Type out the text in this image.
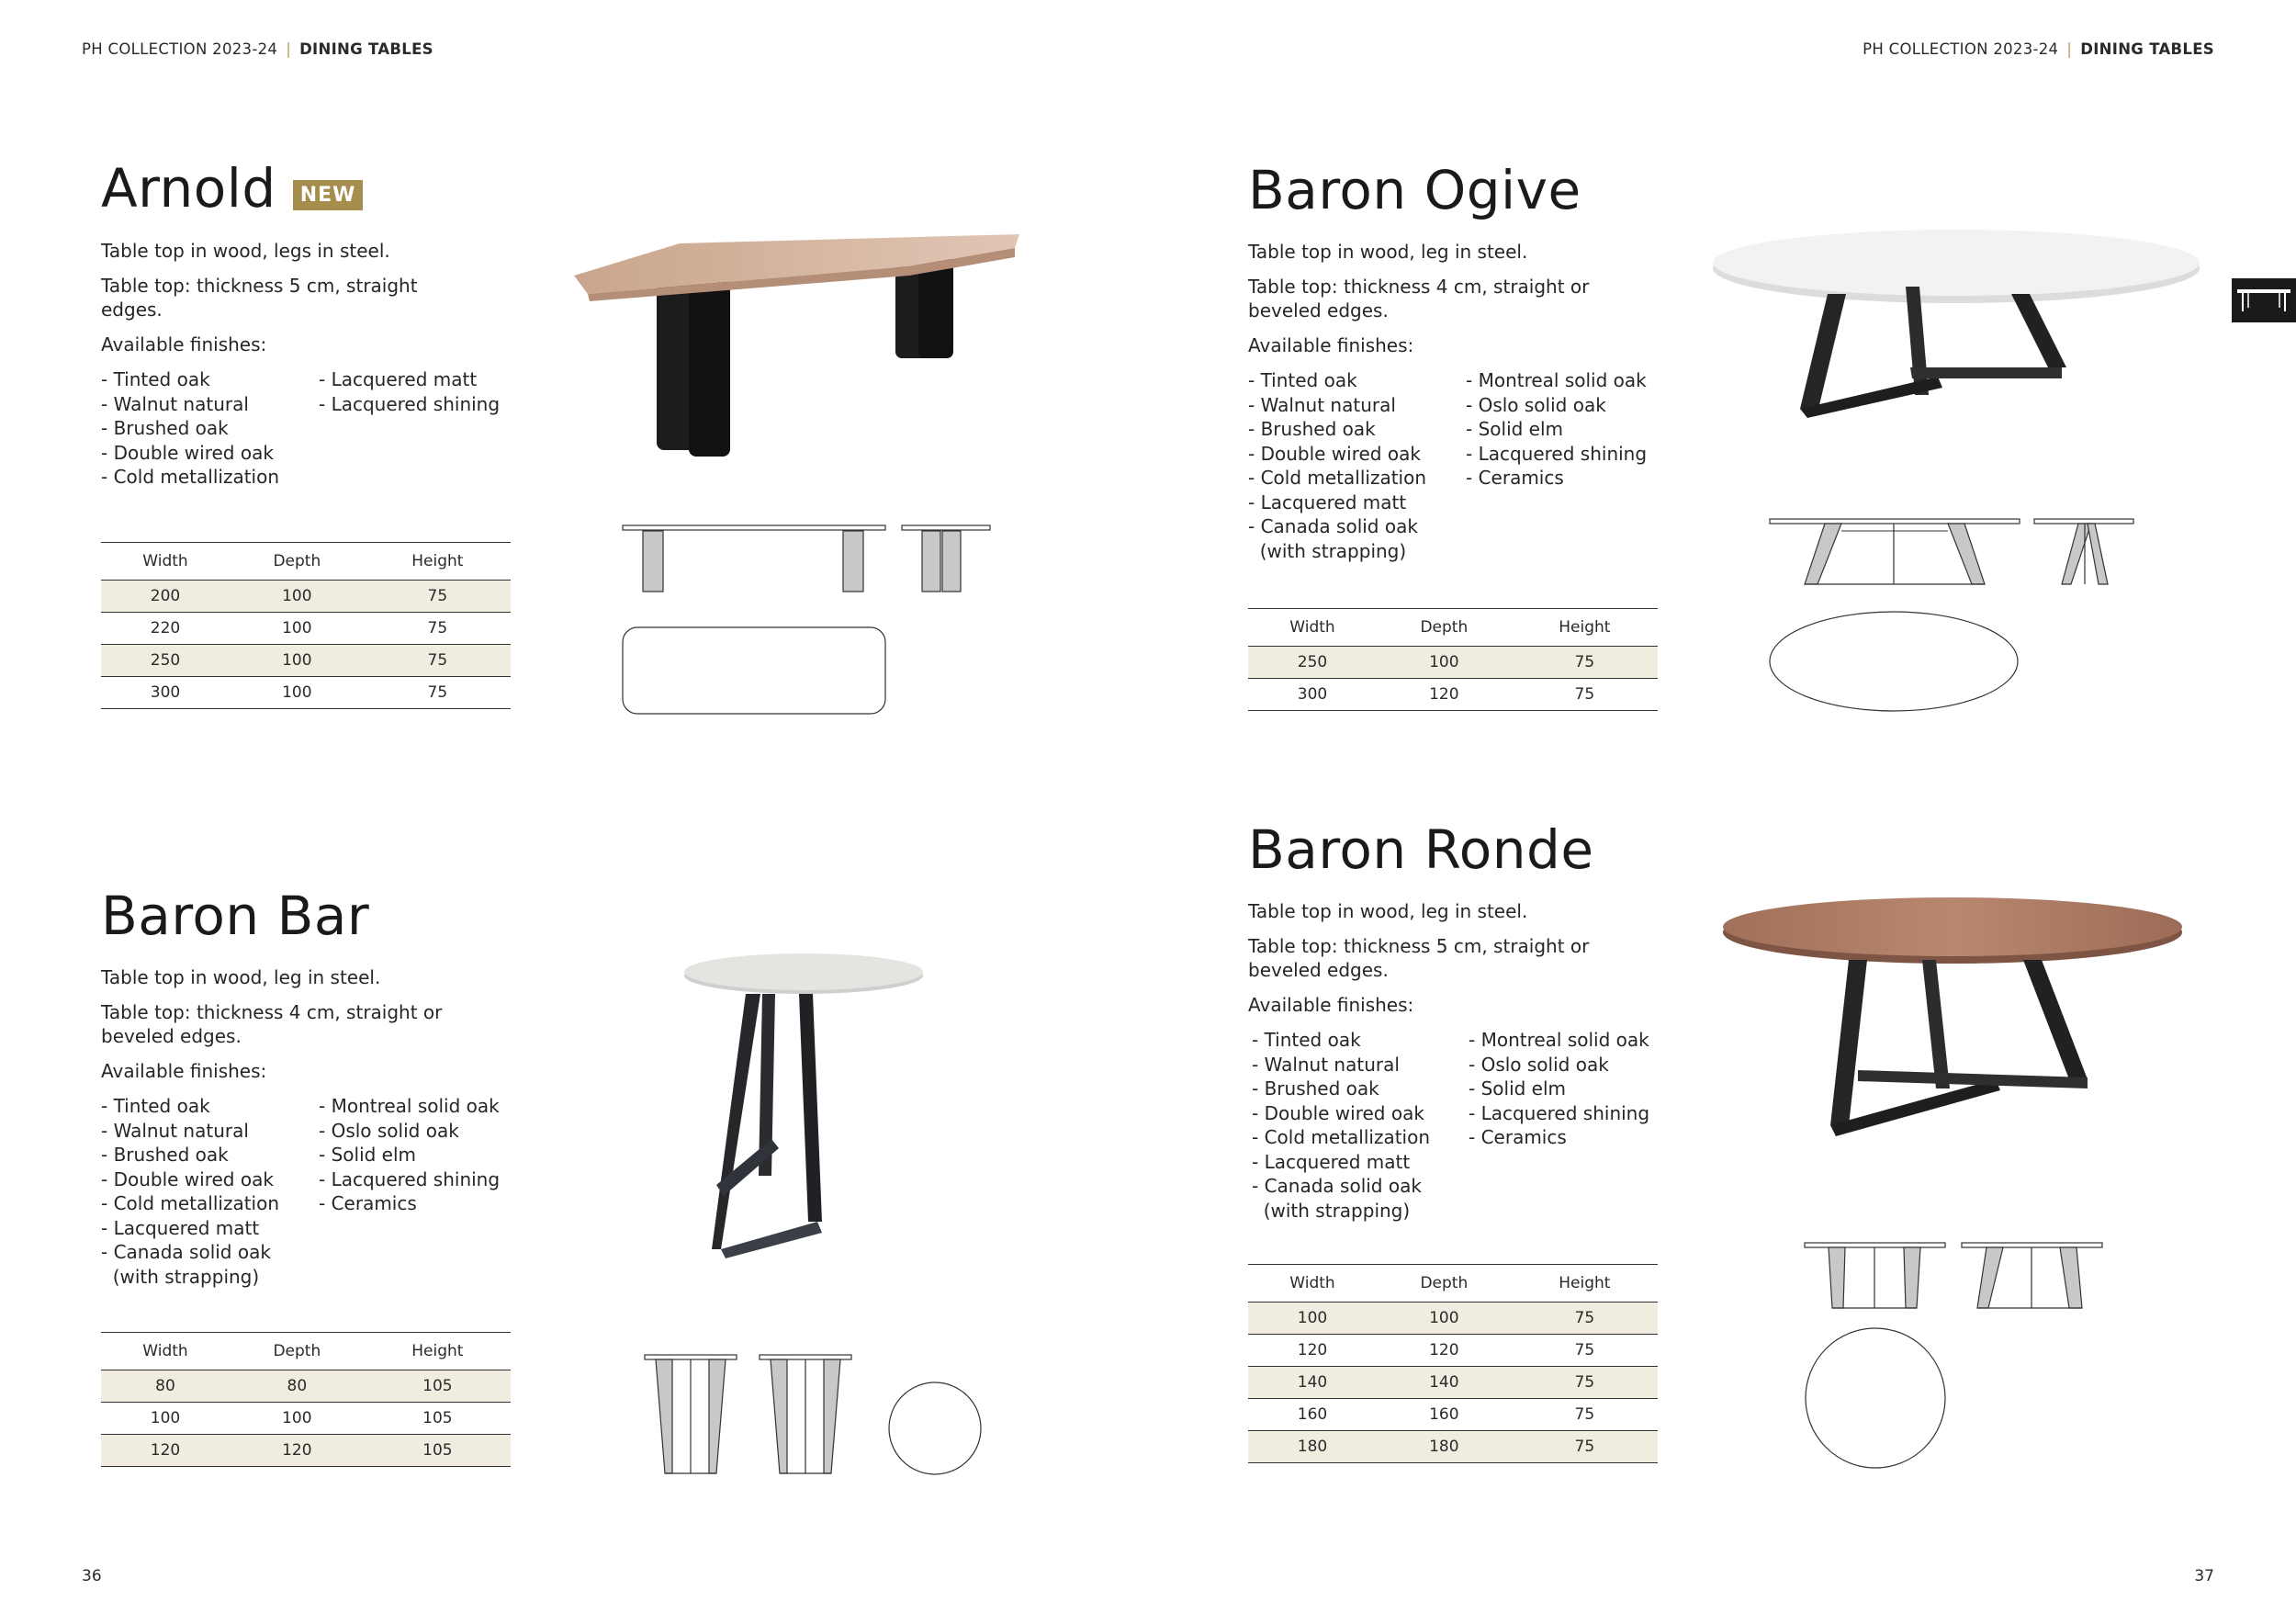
PH COLLECTION 2023-24 | DINING TABLES	PH COLLECTION 2023-24 | DINING TABLES
Arnold NEW

Table top in wood, legs in steel.

Table top: thickness 5 cm, straight edges.

Available finishes:

- Tinted oak
- Walnut natural
- Brushed oak
- Double wired oak
- Cold metallization
- Lacquered matt
- Lacquered shining
Width	Depth	Height
200	100	75
220	100	75
250	100	75
300	100	75
Baron Bar

Table top in wood, leg in steel.

Table top: thickness 4 cm, straight or beveled edges.

Available finishes:

- Tinted oak
- Walnut natural
- Brushed oak
- Double wired oak
- Cold metallization
- Lacquered matt
- Canada solid oak
(with strapping)
- Montreal solid oak
- Oslo solid oak
- Solid elm
- Lacquered shining
- Ceramics
Width	Depth	Height
80	80	105
100	100	105
120	120	105
36	37
Baron Ogive

Table top in wood, leg in steel.

Table top: thickness 4 cm, straight or beveled edges.

Available finishes:

- Tinted oak
- Walnut natural
- Brushed oak
- Double wired oak
- Cold metallization
- Lacquered matt
- Canada solid oak
(with strapping)
- Montreal solid oak
- Oslo solid oak
- Solid elm
- Lacquered shining
- Ceramics
Width	Depth	Height
250	100	75
300	120	75
Baron Ronde

Table top in wood, leg in steel.

Table top: thickness 5 cm, straight or beveled edges.

Available finishes:

- Tinted oak
- Walnut natural
- Brushed oak
- Double wired oak
- Cold metallization
- Lacquered matt
- Canada solid oak
(with strapping)
- Montreal solid oak
- Oslo solid oak
- Solid elm
- Lacquered shining
- Ceramics
Width	Depth	Height
100	100	75
120	120	75
140	140	75
160	160	75
180	180	75
